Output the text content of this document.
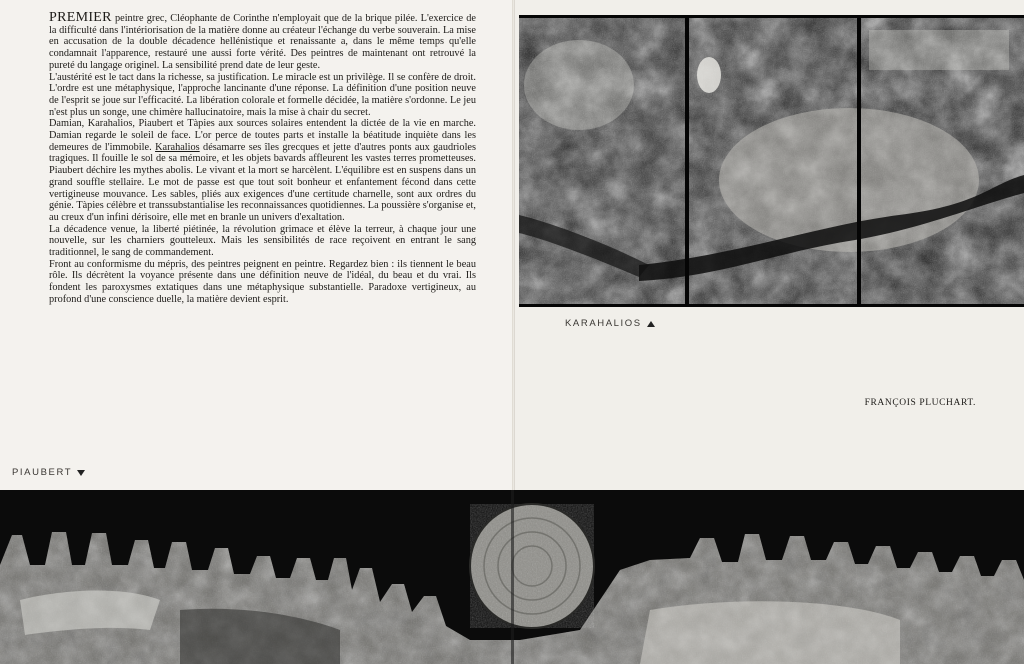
PREMIER peintre grec, Cléophante de Corinthe n'employait que de la brique pilée. L'exercice de la difficulté dans l'intériorisation de la matière donne au créateur l'échange du verbe souverain. La mise en accusation de la double décadence hellénistique et renaissante a, dans le même temps qu'elle condamnait l'apparence, restauré une aussi forte vérité. Des peintres de maintenant ont retrouvé la pureté du langage originel. La sensibilité prend date de leur geste.

L'austérité est le tact dans la richesse, sa justification. Le miracle est un privilège. Il se confère de droit. L'ordre est une métaphysique, l'approche lancinante d'une réponse. La définition d'une position neuve de l'esprit se joue sur l'efficacité. La libération colorale et formelle décidée, la matière s'ordonne. Le jeu n'est plus un songe, une chimère hallucinatoire, mais la mise à chair du secret.

Damian, Karahalios, Piaubert et Tàpies aux sources solaires entendent la dictée de la vie en marche. Damian regarde le soleil de face. L'or perce de toutes parts et installe la béatitude inquiète dans les demeures de l'immobile. Karahalios désamarre ses îles grecques et jette d'autres ponts aux gaudrioles tragiques. Il fouille le sol de sa mémoire, et les objets bavards affleurent les vastes terres prometteuses. Piaubert déchire les mythes abolis. Le vivant et la mort se harcèlent. L'équilibre est en suspens dans un grand souffle stellaire. Le mot de passe est que tout soit bonheur et enfantement fécond dans cette vertigineuse mouvance. Les sables, pliés aux exigences d'une certitude charnelle, sont aux ordres du génie. Tàpies célèbre et transsubstantialise les reconnaissances quotidiennes. La poussière s'organise et, au creux d'un infini dérisoire, elle met en branle un univers d'exaltation.

La décadence venue, la liberté piétinée, la révolution grimace et élève la terreur, à chaque jour une nouvelle, sur les charniers goutteleux. Mais les sensibilités de race reçoivent en entrant le sang traditionnel, le sang de commandement.

Front au conformisme du mépris, des peintres peignent en peintre. Regardez bien : ils tiennent le beau rôle. Ils décrètent la voyance présente dans une définition neuve de l'idéal, du beau et du vrai. Ils fondent les paroxysmes extatiques dans une métaphysique substantielle. Paradoxe vertigineux, au profond d'une conscience duelle, la matière devient esprit.

FRANÇOIS PLUCHART.
KARAHALIOS
PIAUBERT
